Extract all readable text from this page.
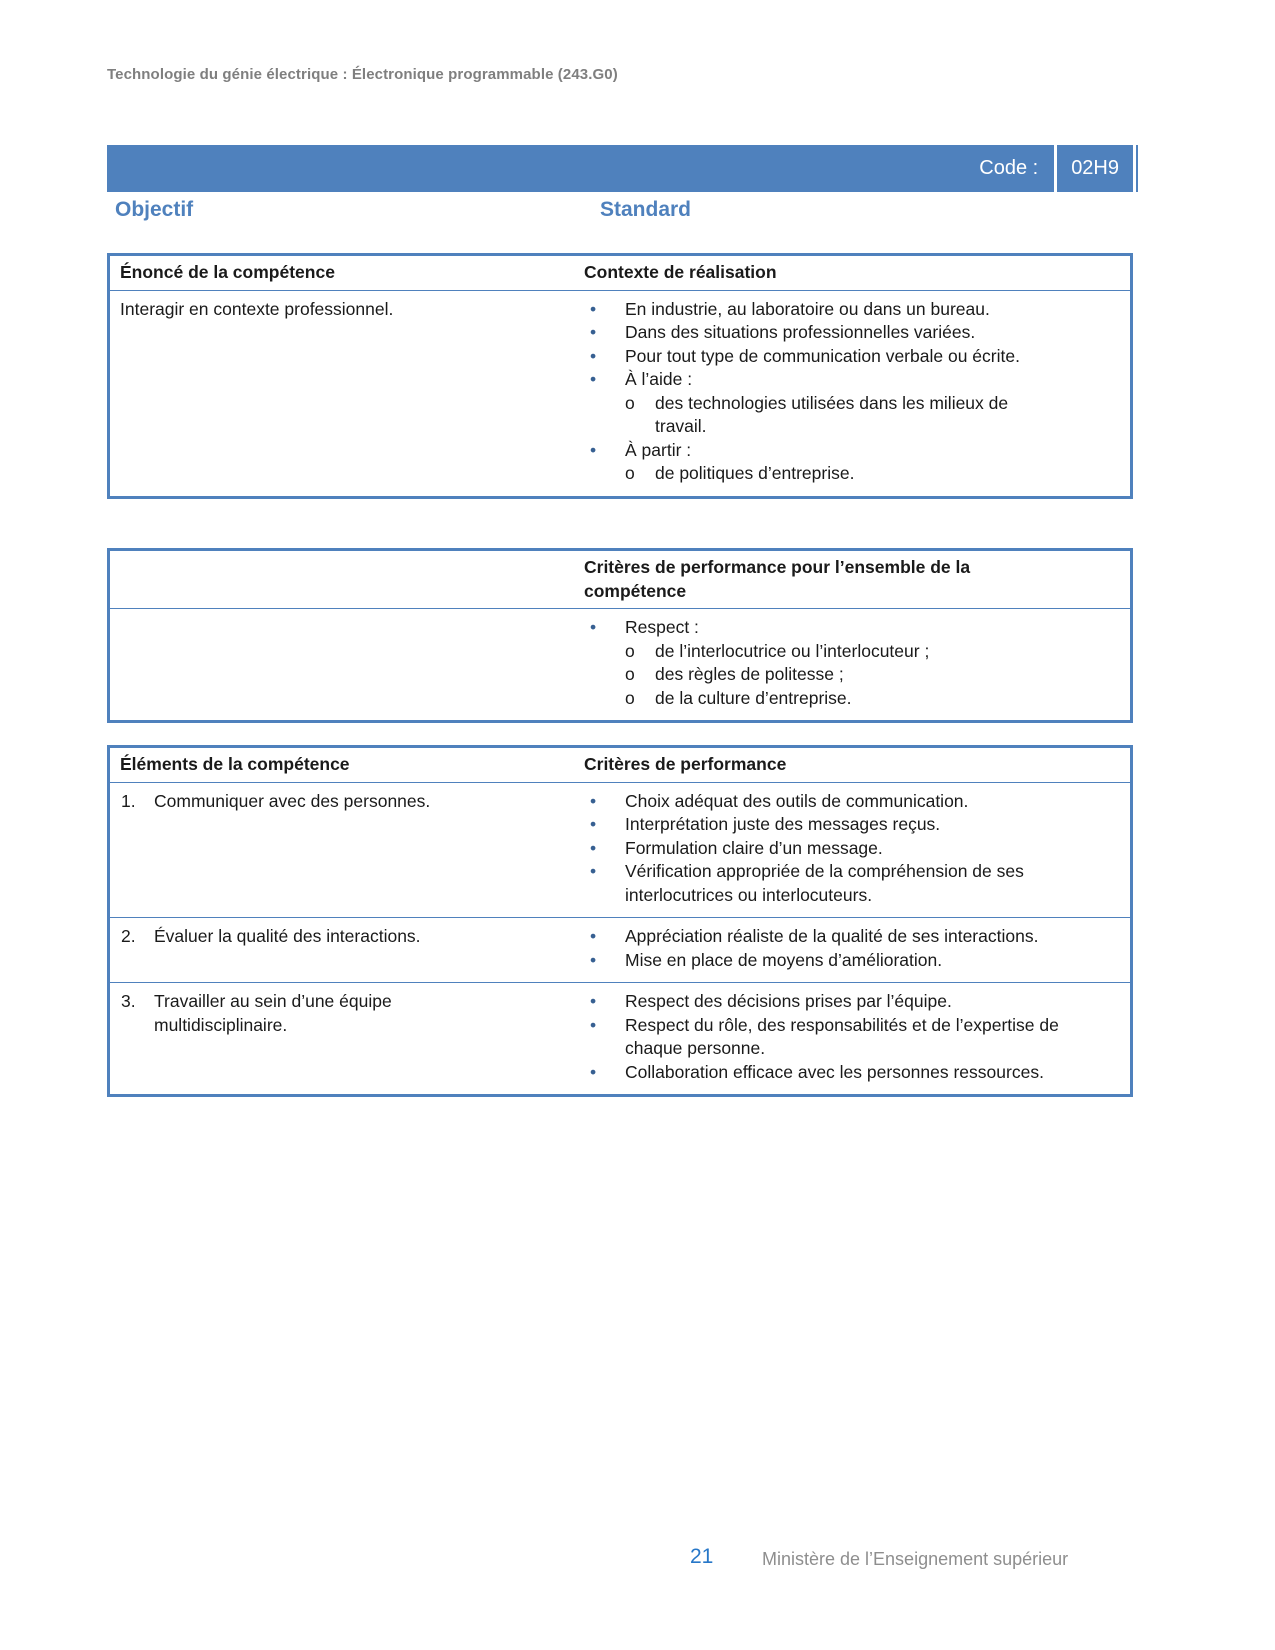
Technologie du génie électrique : Électronique programmable (243.G0)
Code : 02H9
Objectif	Standard
Énoncé de la compétence	Contexte de réalisation
Interagir en contexte professionnel.	•	En industrie, au laboratoire ou dans un bureau.
•	Dans des situations professionnelles variées.
•	Pour tout type de communication verbale ou écrite.
•	À l’aide :
o	des technologies utilisées dans les milieux de travail.
•	À partir :
o	de politiques d’entreprise.
Critères de performance pour l’ensemble de la compétence
•	Respect :
o	de l’interlocutrice ou l’interlocuteur ;
o	des règles de politesse ;
o	de la culture d’entreprise.
Éléments de la compétence	Critères de performance
1.	Communiquer avec des personnes.	•	Choix adéquat des outils de communication.
•	Interprétation juste des messages reçus.
•	Formulation claire d’un message.
•	Vérification appropriée de la compréhension de ses interlocutrices ou interlocuteurs.
2.	Évaluer la qualité des interactions.	•	Appréciation réaliste de la qualité de ses interactions.
•	Mise en place de moyens d’amélioration.
3.	Travailler au sein d’une équipe multidisciplinaire.
•	Respect des décisions prises par l’équipe.
•	Respect du rôle, des responsabilités et de l’expertise de chaque personne.
•	Collaboration efficace avec les personnes ressources.
21	Ministère de l’Enseignement supérieur
